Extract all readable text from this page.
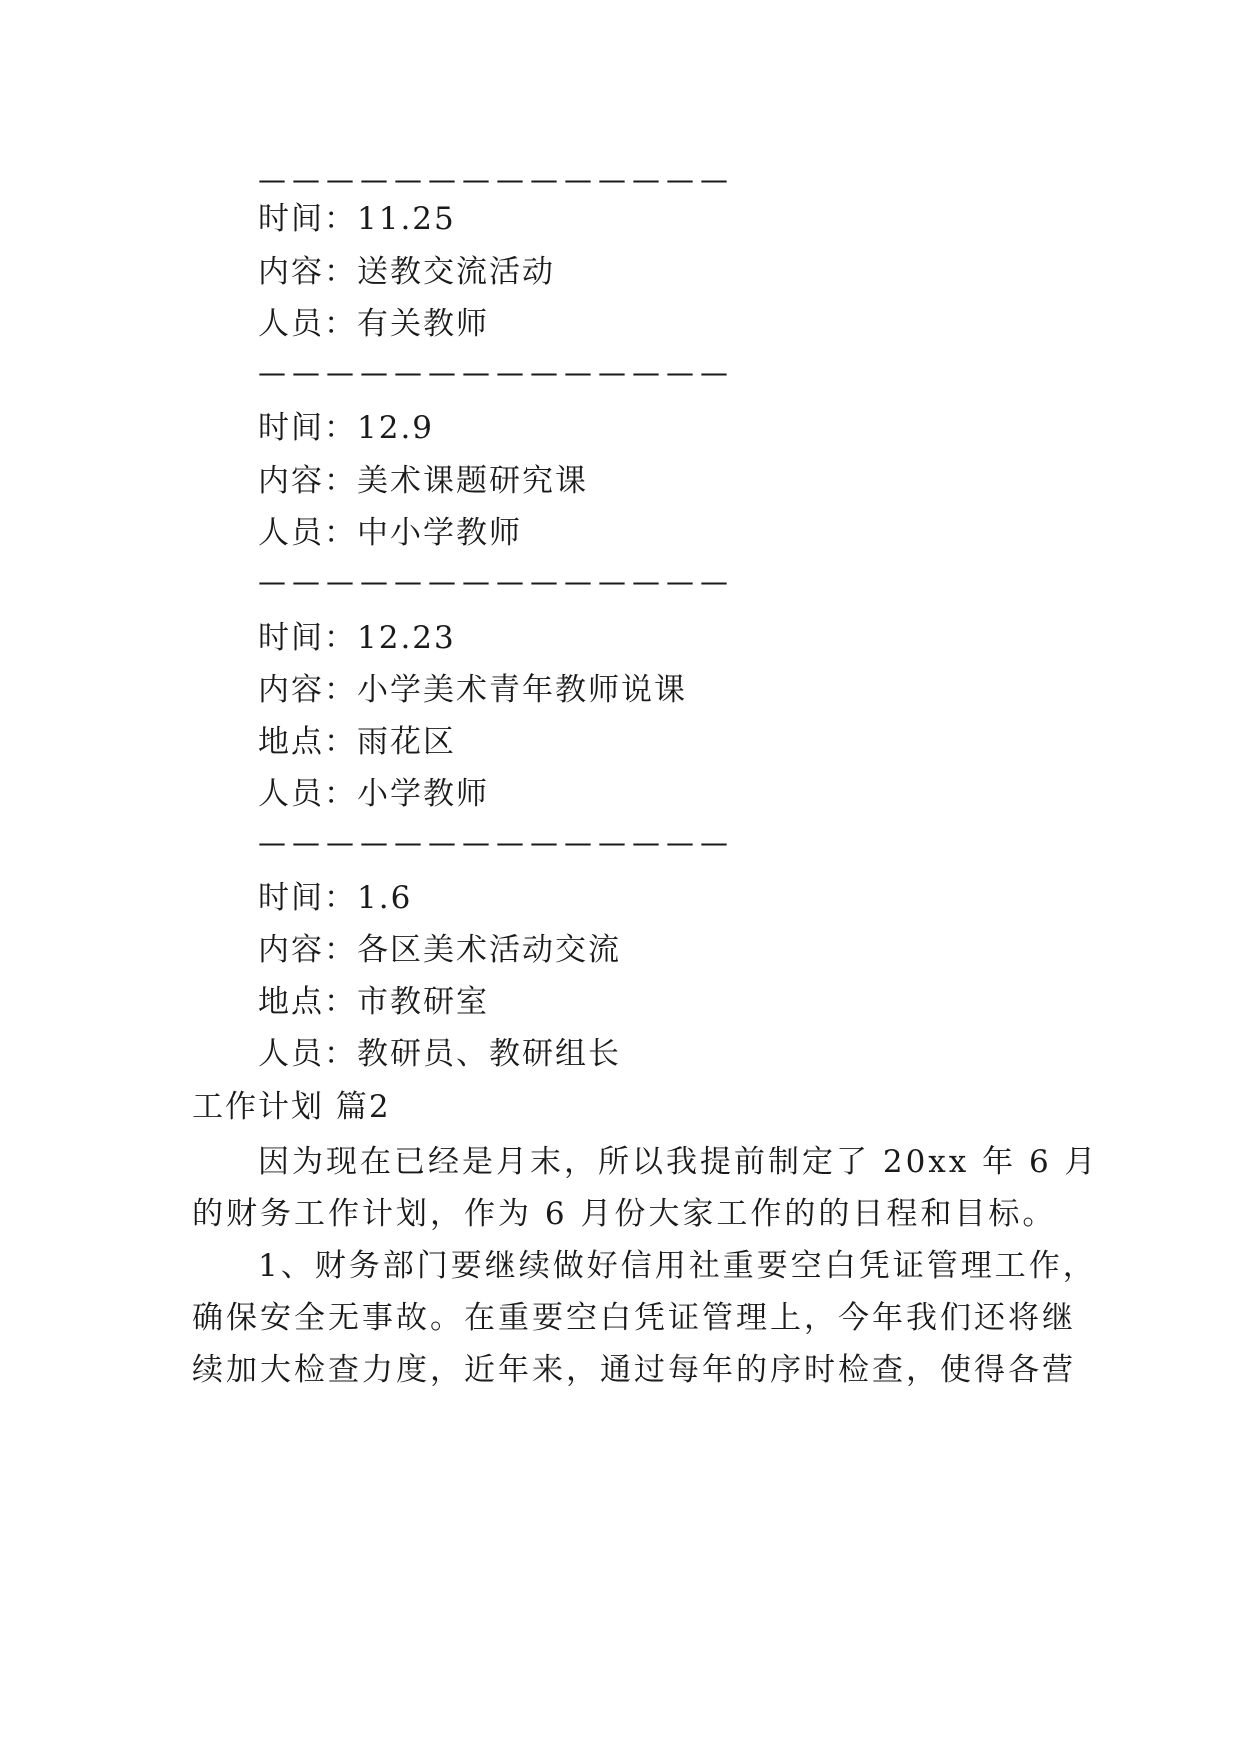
——————————————
时间：11.25
内容：送教交流活动
人员：有关教师
——————————————
时间：12.9
内容：美术课题研究课
人员：中小学教师
——————————————
时间：12.23
内容：小学美术青年教师说课
地点：雨花区
人员：小学教师
——————————————
时间：1.6
内容：各区美术活动交流
地点：市教研室
人员：教研员、教研组长
工作计划 篇2
因为现在已经是月末，所以我提前制定了 20xx 年 6 月
的财务工作计划，作为 6 月份大家工作的的日程和目标。
1、财务部门要继续做好信用社重要空白凭证管理工作，
确保安全无事故。在重要空白凭证管理上，今年我们还将继
续加大检查力度，近年来，通过每年的序时检查，使得各营
